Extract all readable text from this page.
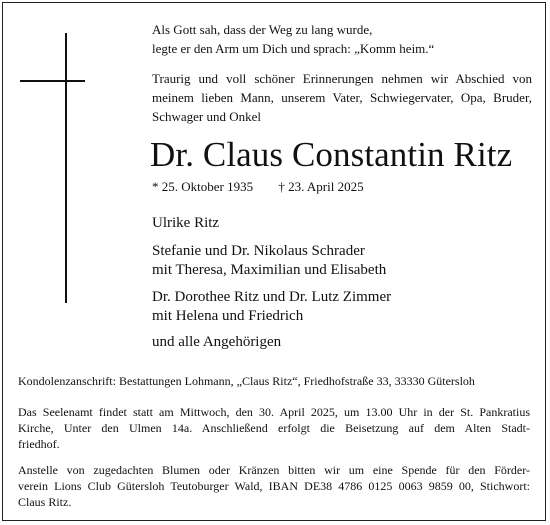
Als Gott sah, dass der Weg zu lang wurde,
legte er den Arm um Dich und sprach: „Komm heim.“
Traurig und voll schöner Erinnerungen nehmen wir Abschied von
meinem lieben Mann, unserem Vater, Schwiegervater, Opa, Bruder,
Schwager und Onkel
Dr. Claus Constantin Ritz
* 25. Oktober 1935 † 23. April 2025
Ulrike Ritz
Stefanie und Dr. Nikolaus Schrader
mit Theresa, Maximilian und Elisabeth
Dr. Dorothee Ritz und Dr. Lutz Zimmer
mit Helena und Friedrich
und alle Angehörigen
Kondolenzanschrift: Bestattungen Lohmann, „Claus Ritz“, Friedhofstraße 33, 33330 Gütersloh
Das Seelenamt findet statt am Mittwoch, den 30. April 2025, um 13.00 Uhr in der St. Pankratius
Kirche, Unter den Ulmen 14a. Anschließend erfolgt die Beisetzung auf dem Alten Stadt-
friedhof.
Anstelle von zugedachten Blumen oder Kränzen bitten wir um eine Spende für den Förder-
verein Lions Club Gütersloh Teutoburger Wald, IBAN DE38 4786 0125 0063 9859 00, Stichwort:
Claus Ritz.
